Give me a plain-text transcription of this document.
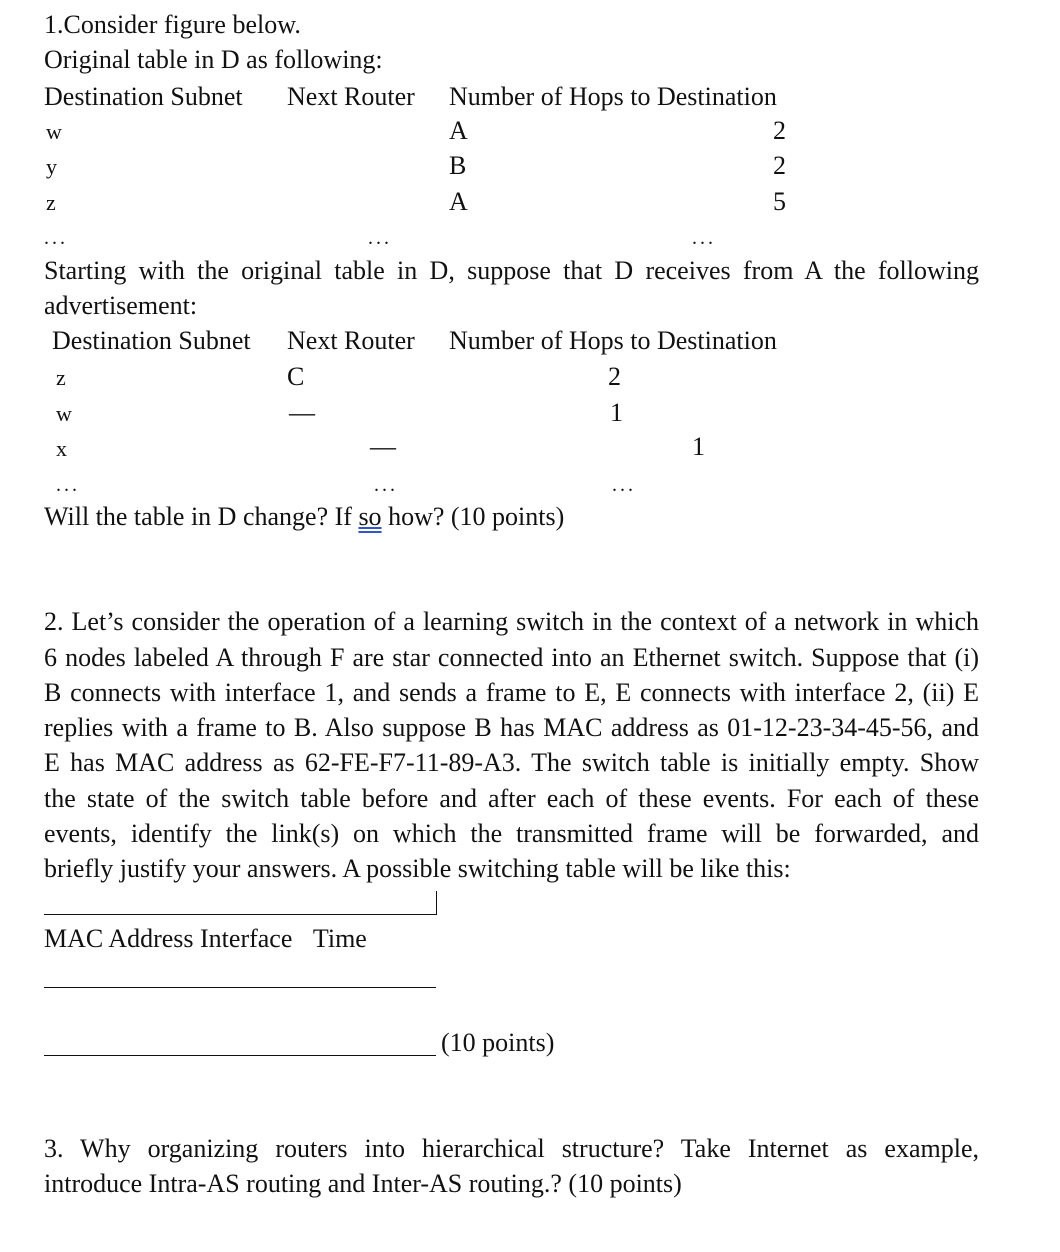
1.Consider figure below.
Original table in D as following:
Destination Subnet Next Router Number of Hops to Destination
w	A	2
y	B	2
z	A	5
...	...	...
Starting with the original table in D, suppose that D receives from A the following
advertisement:
Destination Subnet Next Router Number of Hops to Destination
z	C	2
w	—	1
x	—	1
...	...	...
Will the table in D change? If so how? (10 points)
2. Let’s consider the operation of a learning switch in the context of a network in which
6 nodes labeled A through F are star connected into an Ethernet switch. Suppose that (i)
B connects with interface 1, and sends a frame to E, E connects with interface 2, (ii) E
replies with a frame to B. Also suppose B has MAC address as 01-12-23-34-45-56, and
E has MAC address as 62-FE-F7-11-89-A3. The switch table is initially empty. Show
the state of the switch table before and after each of these events. For each of these
events, identify the link(s) on which the transmitted frame will be forwarded, and
briefly justify your answers. A possible switching table will be like this:
MAC Address Interface Time
(10 points)
3. Why organizing routers into hierarchical structure? Take Internet as example,
introduce Intra-AS routing and Inter-AS routing.? (10 points)
